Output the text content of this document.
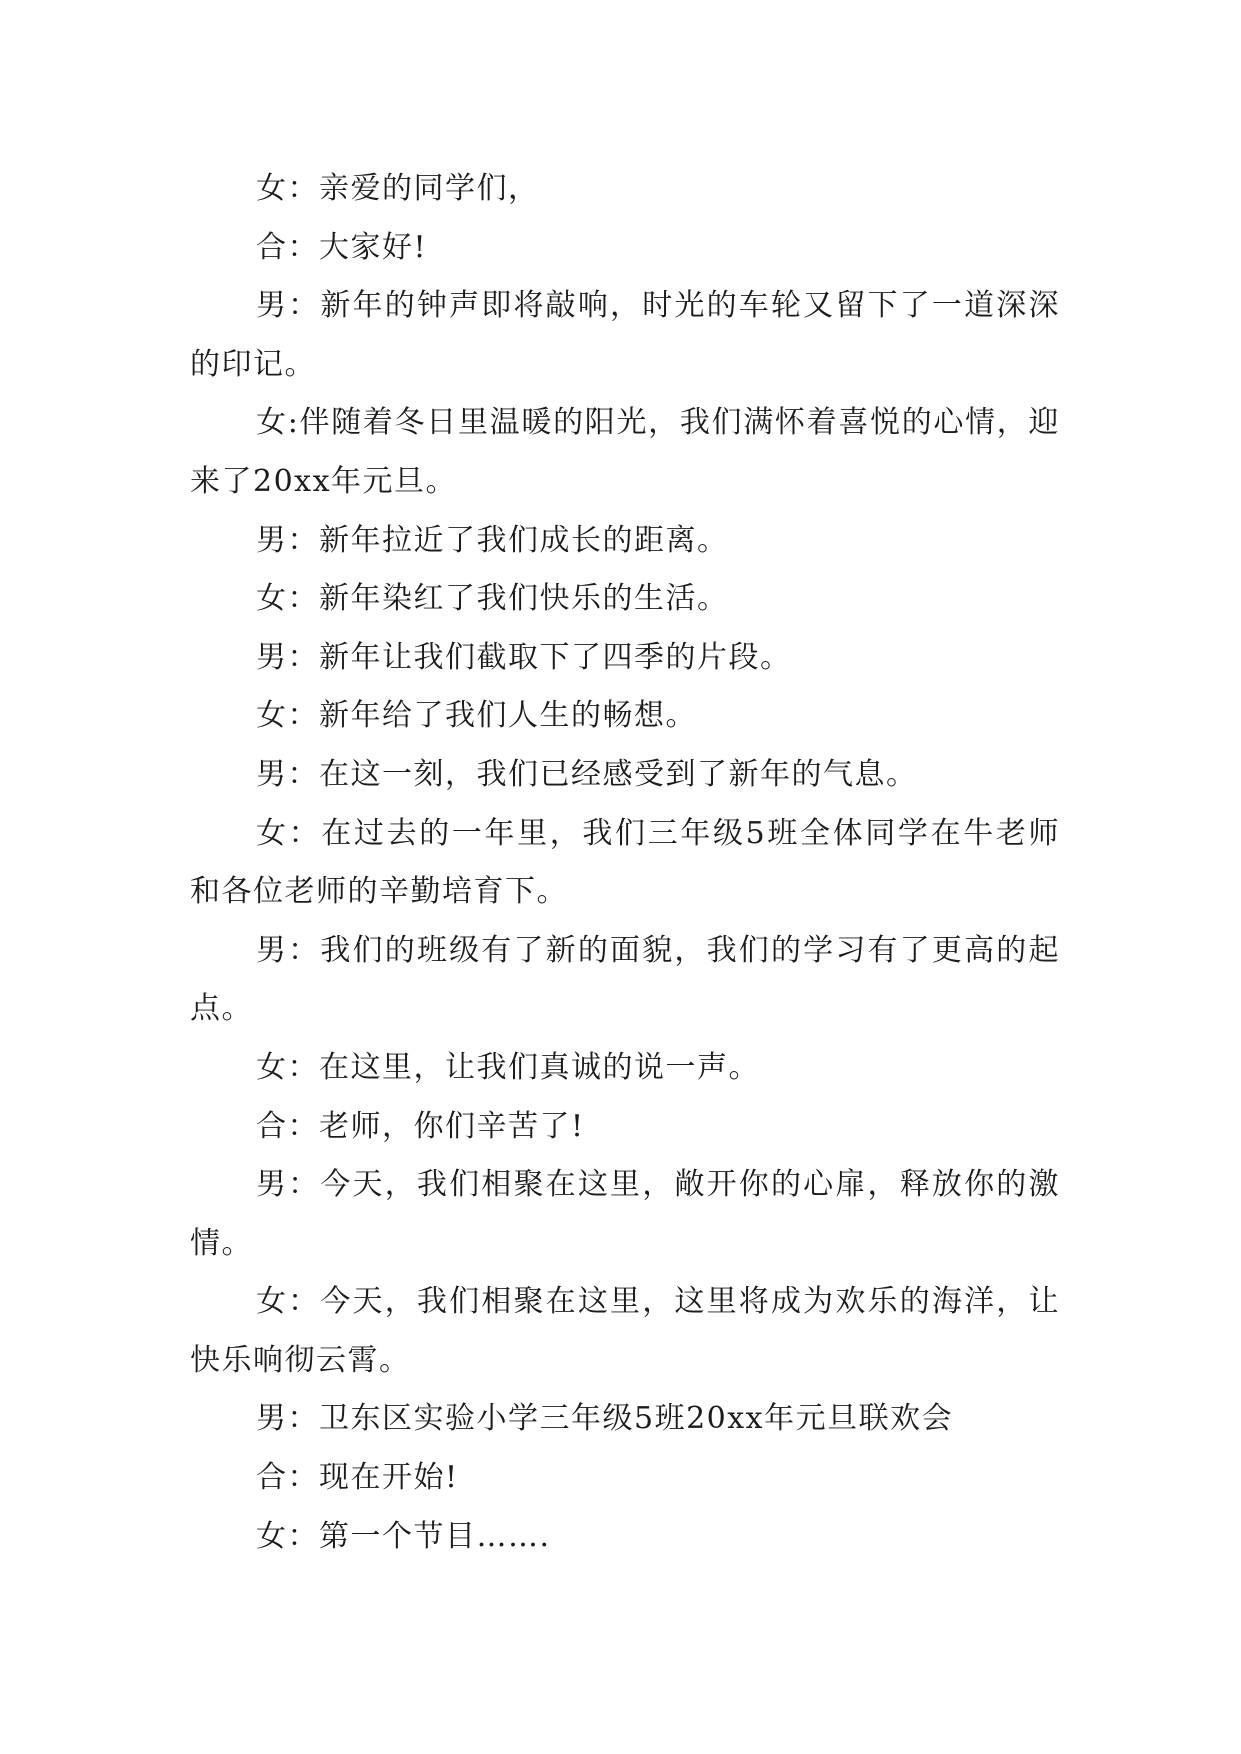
女：亲爱的同学们，

合：大家好!

男：新年的钟声即将敲响，时光的车轮又留下了一道深深的印记。

女:伴随着冬日里温暖的阳光，我们满怀着喜悦的心情，迎来了20xx年元旦。

男：新年拉近了我们成长的距离。

女：新年染红了我们快乐的生活。

男：新年让我们截取下了四季的片段。

女：新年给了我们人生的畅想。

男：在这一刻，我们已经感受到了新年的气息。

女：在过去的一年里，我们三年级5班全体同学在牛老师和各位老师的辛勤培育下。

男：我们的班级有了新的面貌，我们的学习有了更高的起点。

女：在这里，让我们真诚的说一声。

合：老师，你们辛苦了!

男：今天，我们相聚在这里，敞开你的心扉，释放你的激情。

女：今天，我们相聚在这里，这里将成为欢乐的海洋，让快乐响彻云霄。

男：卫东区实验小学三年级5班20xx年元旦联欢会

合：现在开始!

女：第一个节目…….
